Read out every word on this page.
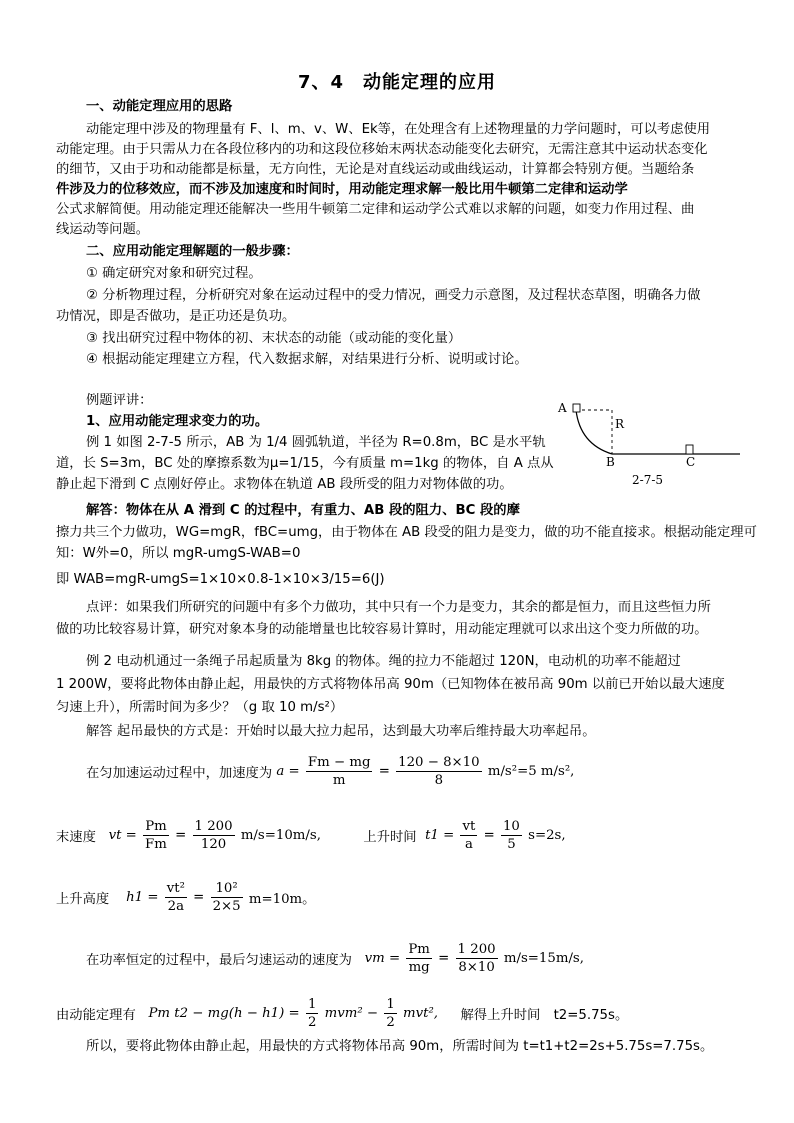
7、4　动能定理的应用
一、动能定理应用的思路
动能定理中涉及的物理量有 F、l、m、v、W、Ek等，在处理含有上述物理量的力学问题时，可以考虑使用
动能定理。由于只需从力在各段位移内的功和这段位移始末两状态动能变化去研究，无需注意其中运动状态变化
的细节，又由于功和动能都是标量，无方向性，无论是对直线运动或曲线运动，计算都会特别方便。当题给条
件涉及力的位移效应，而不涉及加速度和时间时，用动能定理求解一般比用牛顿第二定律和运动学
公式求解简便。用动能定理还能解决一些用牛顿第二定律和运动学公式难以求解的问题，如变力作用过程、曲
线运动等问题。
二、应用动能定理解题的一般步骤：
① 确定研究对象和研究过程。
② 分析物理过程，分析研究对象在运动过程中的受力情况，画受力示意图，及过程状态草图，明确各力做
功情况，即是否做功，是正功还是负功。
③ 找出研究过程中物体的初、末状态的动能（或动能的变化量）
④ 根据动能定理建立方程，代入数据求解，对结果进行分析、说明或讨论。
例题评讲：
1、应用动能定理求变力的功。
例 1 如图 2-7-5 所示，AB 为 1/4 圆弧轨道，半径为 R=0.8m，BC 是水平轨
道，长 S=3m，BC 处的摩擦系数为μ=1/15，今有质量 m=1kg 的物体，自 A 点从
静止起下滑到 C 点刚好停止。求物体在轨道 AB 段所受的阻力对物体做的功。
A
R
B	C
2-7-5
解答：物体在从 A 滑到 C 的过程中，有重力、AB 段的阻力、BC 段的摩
擦力共三个力做功，WG=mgR，fBC=umg，由于物体在 AB 段受的阻力是变力，做的功不能直接求。根据动能定理可
知：W外=0，所以 mgR-umgS-WAB=0
即 WAB=mgR-umgS=1×10×0.8-1×10×3/15=6(J)
点评：如果我们所研究的问题中有多个力做功，其中只有一个力是变力，其余的都是恒力，而且这些恒力所
做的功比较容易计算，研究对象本身的动能增量也比较容易计算时，用动能定理就可以求出这个变力所做的功。
例 2 电动机通过一条绳子吊起质量为 8kg 的物体。绳的拉力不能超过 120N，电动机的功率不能超过
1 200W，要将此物体由静止起，用最快的方式将物体吊高 90m（已知物体在被吊高 90m 以前已开始以最大速度
匀速上升），所需时间为多少？（g 取 10 m/s²）
解答 起吊最快的方式是：开始时以最大拉力起吊，达到最大功率后维持最大功率起吊。
在匀加速运动过程中，加速度为 $a = \frac{Fm - mg}{m} = \frac{120 - 8\times 10}{8} m/s^2=5$ m/s²,
末速度 vt = $\frac{Pm}{Fm} = \frac{1 200}{120} m/s=10m/s$,	上升时间 $t1 = \frac{vt}{a} = \frac{10}{5} s=2s$,
上升高度 $h1 = \frac{\text{vt²}}{2a} = \frac{\text{10²}}{2\times 5} m=10m$。
在功率恒定的过程中，最后匀速运动的速度为 vm = $\frac{Pm}{mg} = \frac{1 200}{8\times 10} m/s=15m/s$,
由动能定理有 Pm $t2 - mg(h - h1) = \frac{1}{2} mvm^2 - \frac{1}{2} mvt^2$, 解得上升时间　t2=5.75s。
所以，要将此物体由静止起，用最快的方式将物体吊高 90m，所需时间为 t=t1+t2=2s+5.75s=7.75s。
